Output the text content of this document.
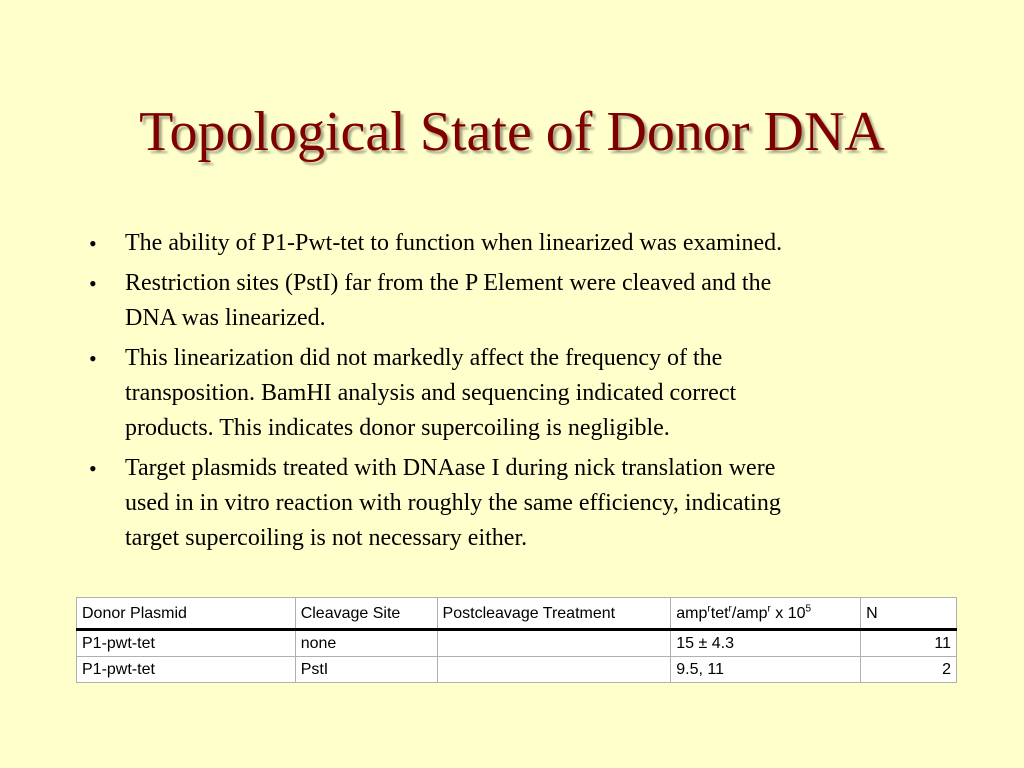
Topological State of Donor DNA
•	The ability of P1-Pwt-tet to function when linearized was examined.
•	Restriction sites (PstI) far from the P Element were cleaved and the
DNA was linearized.
•	This linearization did not markedly affect the frequency of the
transposition. BamHI analysis and sequencing indicated correct
products. This indicates donor supercoiling is negligible.
•	Target plasmids treated with DNAase I during nick translation were
used in in vitro reaction with roughly the same efficiency, indicating
target supercoiling is not necessary either.
Donor Plasmid	Cleavage Site	Postcleavage Treatment	amp$^r$tet$^r$/amp$^r$ x $10^5$	N
P1-pwt-tet	none		15 ± 4.3	11
P1-pwt-tet	PstI		9.5, 11	2
